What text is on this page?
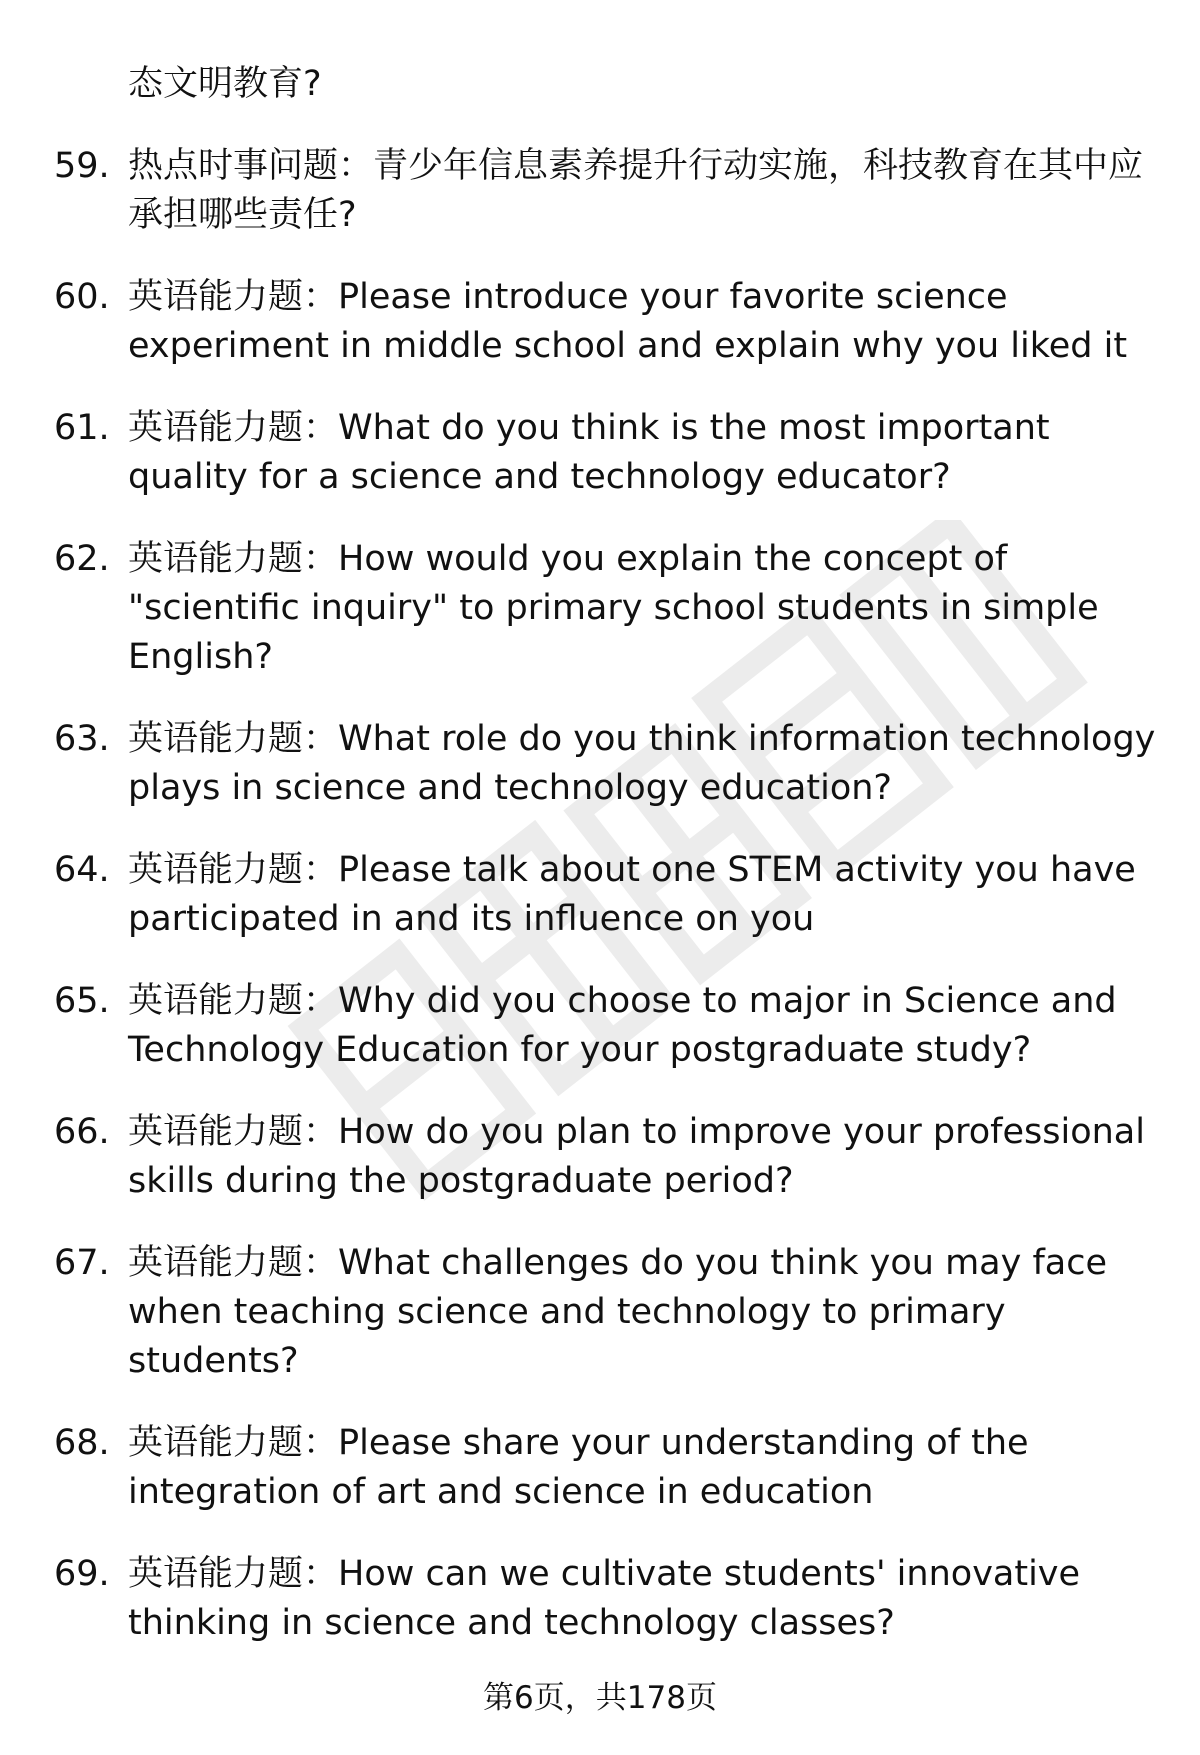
态文明教育?
59. 热点时事问题：青少年信息素养提升行动实施，科技教育在其中应承担哪些责任?
60. 英语能力题：Please introduce your favorite science experiment in middle school and explain why you liked it
61. 英语能力题：What do you think is the most important quality for a science and technology educator?
62. 英语能力题：How would you explain the concept of "scientific inquiry" to primary school students in simple English?
63. 英语能力题：What role do you think information technology plays in science and technology education?
64. 英语能力题：Please talk about one STEM activity you have participated in and its influence on you
65. 英语能力题：Why did you choose to major in Science and Technology Education for your postgraduate study?
66. 英语能力题：How do you plan to improve your professional skills during the postgraduate period?
67. 英语能力题：What challenges do you think you may face when teaching science and technology to primary students?
68. 英语能力题：Please share your understanding of the integration of art and science in education
69. 英语能力题：How can we cultivate students' innovative thinking in science and technology classes?
第6页，共178页
